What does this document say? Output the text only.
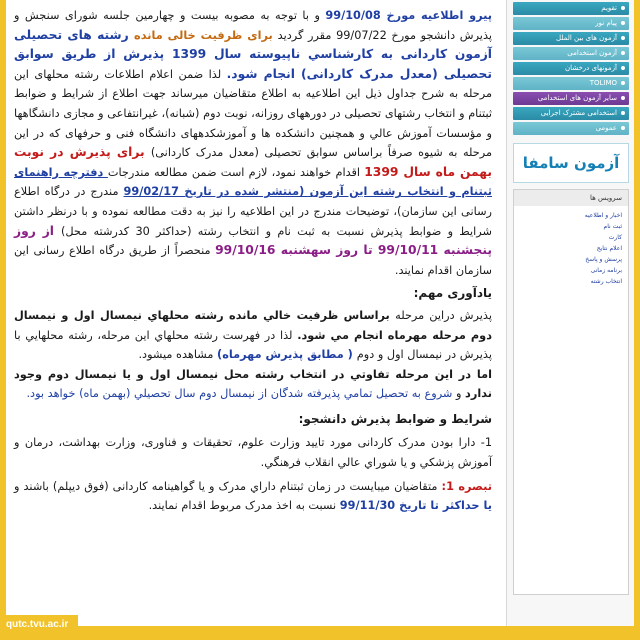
پیرو اطلاعیه مورخ 99/10/08 و با توجه به مصوبه بیست و چهارمین جلسه شورای سنجش و پذیرش دانشجو مورخ 99/07/22 مقرر گردید برای ظرفیت خالی مانده رشته های تحصیلی آزمون کاردانی به کارشناسي ناپیوسته سال 1399 پذیرش از طریق سوابق تحصیلی (معدل مدرک کاردانی) انجام شود. لذا ضمن اعلام اطلاعات رشته محلهای این مرحله به شرح جداول ذیل این اطلاعیه به اطلاع متقاضیان میرساند جهت اطلاع از شرایط و ضوابط ثبتنام و انتخاب رشتهای تحصیلی در دورههای روزانه، نوبت دوم (شبانه)، غیرانتفاعی و مجازی دانشگاهها و مؤسسات آموزش عالي و همچنین دانشکده ها و آموزشکدههای دانشگاه فنی و حرفهای که در این مرحله به شیوه صرفاً براساس سوابق تحصیلی (معدل مدرک کاردانی) برای پذیرش در نوبت بهمن ماه سال 1399 اقدام خواهند نمود، لازم است ضمن مطالعه مندرجات دفترچه راهنمای ثبتنام و انتخاب رشته این آزمون (منتشر شده در تاریخ 99/02/17 مندرج در درگاه اطلاع رسانی این سازمان)، توضیحات مندرج در این اطلاعیه را نیز به دقت مطالعه نموده و با درنظر داشتن شرایط و ضوابط پذیرش نسبت به ثبت نام و انتخاب رشته (حداکثر 30 کدرشته محل) از روز پنجشنبه 99/10/11 تا روز سهشنبه 99/10/16 منحصراً از طریق درگاه اطلاع رسانی این سازمان اقدام نمایند.

یادآوری مهم:

پذیرش دراین مرحله براساس ظرفیت خالي مانده رشته محلهاي نیمسال اول و نیمسال دوم مرحله مهرماه انجام مي شود. لذا در فهرست رشته محلهاي این مرحله، رشته محلهایي با پذیرش در نیمسال اول و دوم ( مطابق پذیرش مهرماه) مشاهده ميشود.

اما در این مرحله تفاوتي در انتخاب رشته محل نیمسال اول و یا نیمسال دوم وجود ندارد و شروع به تحصیل تمامي پذیرفته شدگان از نیمسال دوم سال تحصیلي (بهمن ماه) خواهد بود.

شرایط و ضوابط پذیرش دانشجو:

1- دارا بودن مدرک کاردانی مورد تایید وزارت علوم، تحقیقات و فناوری، وزارت بهداشت، درمان و آموزش پزشکي و یا شوراي عالي انقلاب فرهنگي.

تبصره 1: متقاضیان ميبایست در زمان ثبتنام داراي مدرک و یا گواهینامه کاردانی (فوق دیپلم) باشند و یا حداکثر تا تاریخ 99/11/30 نسبت به اخذ مدرک مربوط اقدام نمایند.

تقویم
پیام نور
آزمون های بین الملل
آزمون استخدامی
آزمونهای درخشان
TOLIMO
سایر آزمون های استخدامی
استخدامی مشترک اجرایی
عمومی
آزمون سامفا
سرویس ها
اخبار و اطلاعیه
ثبت نام
کارت
اعلام نتایج
پرسش و پاسخ
برنامه زمانی
انتخاب رشته
qutc.tvu.ac.ir
